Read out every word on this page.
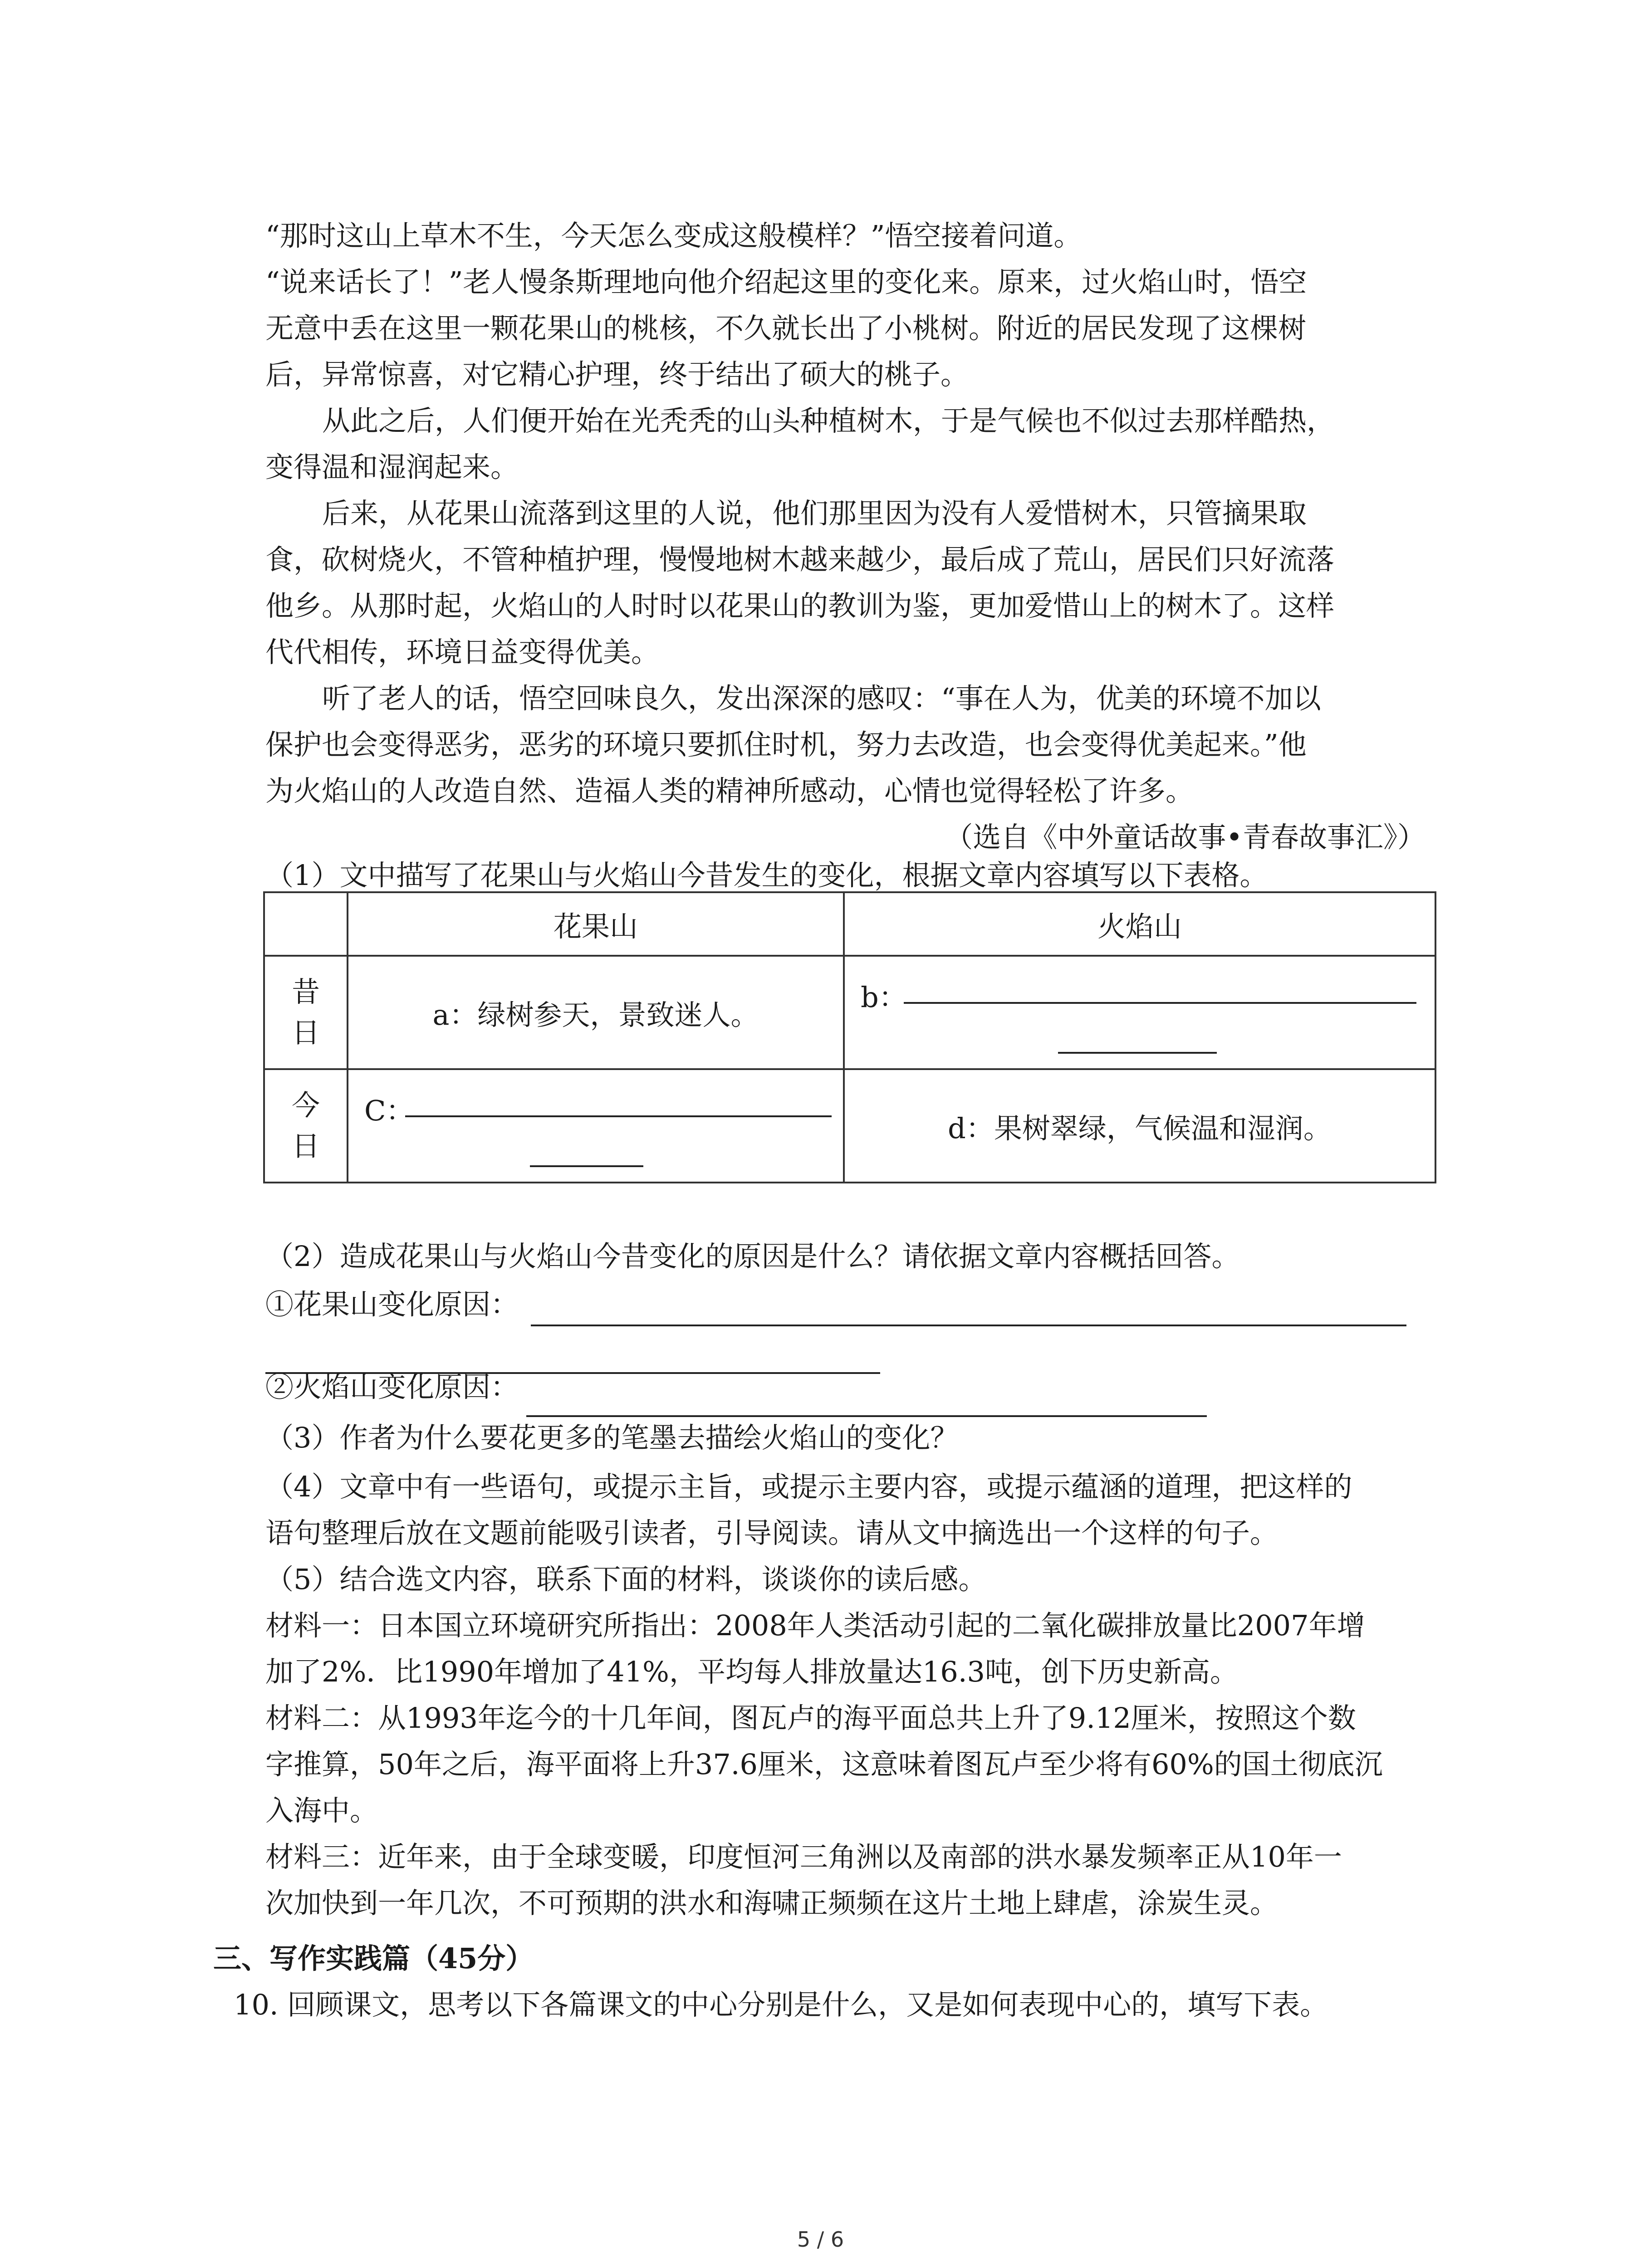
“那时这山上草木不生，今天怎么变成这般模样？”悟空接着问道。
“说来话长了！”老人慢条斯理地向他介绍起这里的变化来。原来，过火焰山时，悟空
无意中丢在这里一颗花果山的桃核，不久就长出了小桃树。附近的居民发现了这棵树
后，异常惊喜，对它精心护理，终于结出了硕大的桃子。
从此之后，人们便开始在光秃秃的山头种植树木，于是气候也不似过去那样酷热，
变得温和湿润起来。
后来，从花果山流落到这里的人说，他们那里因为没有人爱惜树木，只管摘果取
食，砍树烧火，不管种植护理，慢慢地树木越来越少，最后成了荒山，居民们只好流落
他乡。从那时起，火焰山的人时时以花果山的教训为鉴，更加爱惜山上的树木了。这样
代代相传，环境日益变得优美。
听了老人的话，悟空回味良久，发出深深的感叹：“事在人为，优美的环境不加以
保护也会变得恶劣，恶劣的环境只要抓住时机，努力去改造，也会变得优美起来。”他
为火焰山的人改造自然、造福人类的精神所感动，心情也觉得轻松了许多。
（选自《中外童话故事•青春故事汇》）
（1）文中描写了花果山与火焰山今昔发生的变化，根据文章内容填写以下表格。
	花果山	火焰山

昔
日	a：绿树参天，景致迷人。	b：

今
日	C：	d：果树翠绿，气候温和湿润。
（2）造成花果山与火焰山今昔变化的原因是什么？请依据文章内容概括回答。
①花果山变化原因：
②火焰山变化原因：
（3）作者为什么要花更多的笔墨去描绘火焰山的变化？
（4）文章中有一些语句，或提示主旨，或提示主要内容，或提示蕴涵的道理，把这样的
语句整理后放在文题前能吸引读者，引导阅读。请从文中摘选出一个这样的句子。
（5）结合选文内容，联系下面的材料，谈谈你的读后感。
材料一：日本国立环境研究所指出：2008年人类活动引起的二氧化碳排放量比2007年增
加了2%．比1990年增加了41%，平均每人排放量达16.3吨，创下历史新高。
材料二：从1993年迄今的十几年间，图瓦卢的海平面总共上升了9.12厘米，按照这个数
字推算，50年之后，海平面将上升37.6厘米，这意味着图瓦卢至少将有60%的国土彻底沉
入海中。
材料三：近年来，由于全球变暖，印度恒河三角洲以及南部的洪水暴发频率正从10年一
次加快到一年几次，不可预期的洪水和海啸正频频在这片土地上肆虐，涂炭生灵。
三、写作实践篇（45分）
10. 回顾课文，思考以下各篇课文的中心分别是什么，又是如何表现中心的，填写下表。
5 / 6
